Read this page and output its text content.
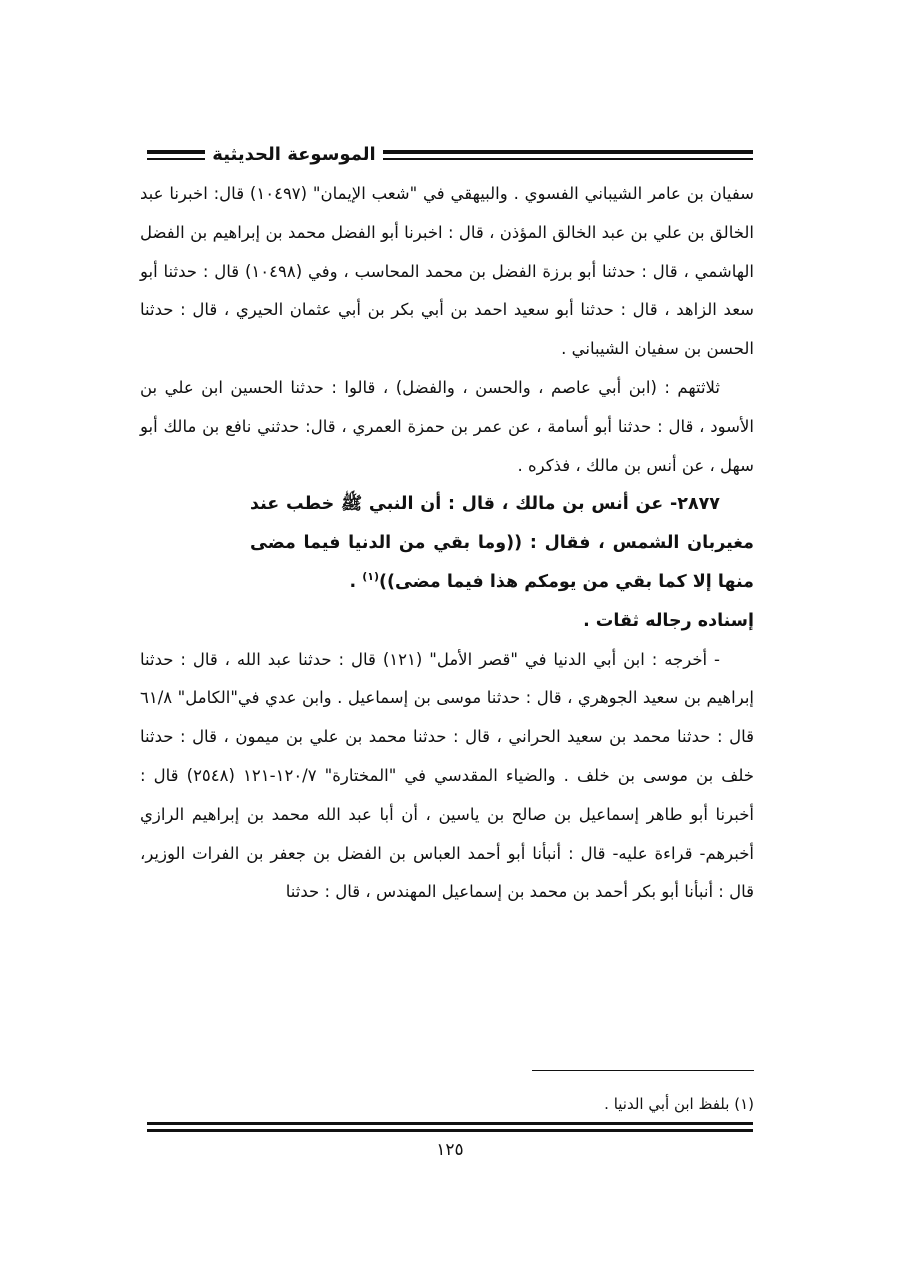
الموسوعة الحديثية

سفيان بن عامر الشيباني الفسوي . والبيهقي في "شعب الإيمان" (١٠٤٩٧) قال: اخبرنا عبد الخالق بن علي بن عبد الخالق المؤذن ، قال : اخبرنا أبو الفضل محمد بن إبراهيم بن الفضل الهاشمي ، قال : حدثنا أبو برزة الفضل بن محمد المحاسب ، وفي (١٠٤٩٨) قال : حدثنا أبو سعد الزاهد ، قال : حدثنا أبو سعيد احمد بن أبي بكر بن أبي عثمان الحيري ، قال : حدثنا الحسن بن سفيان الشيباني .

ثلاثتهم : (ابن أبي عاصم ، والحسن ، والفضل) ، قالوا : حدثنا الحسين ابن علي بن الأسود ، قال : حدثنا أبو أسامة ، عن عمر بن حمزة العمري ، قال: حدثني نافع بن مالك أبو سهل ، عن أنس بن مالك ، فذكره .

٢٨٧٧- عن أنس بن مالك ، قال : أن النبي ﷺ خطب عند مغيربان الشمس ، فقال : ((وما بقي من الدنيا فيما مضى منها إلا كما بقي من يومكم هذا فيما مضى))$^{(١)}$ .

إسناده رجاله ثقات .

- أخرجه : ابن أبي الدنيا في "قصر الأمل" (١٢١) قال : حدثنا عبد الله ، قال : حدثنا إبراهيم بن سعيد الجوهري ، قال : حدثنا موسى بن إسماعيل . وابن عدي في"الكامل" ٦١/٨ قال : حدثنا محمد بن سعيد الحراني ، قال : حدثنا محمد بن علي بن ميمون ، قال : حدثنا خلف بن موسى بن خلف . والضياء المقدسي في "المختارة" ١٢٠/٧-١٢١ (٢٥٤٨) قال : أخبرنا أبو طاهر إسماعيل بن صالح بن ياسين ، أن أبا عبد الله محمد بن إبراهيم الرازي أخبرهم- قراءة عليه- قال : أنبأنا أبو أحمد العباس بن الفضل بن جعفر بن الفرات الوزير، قال : أنبأنا أبو بكر أحمد بن محمد بن إسماعيل المهندس ، قال : حدثنا

(١) بلفظ ابن أبي الدنيا .
١٢٥
